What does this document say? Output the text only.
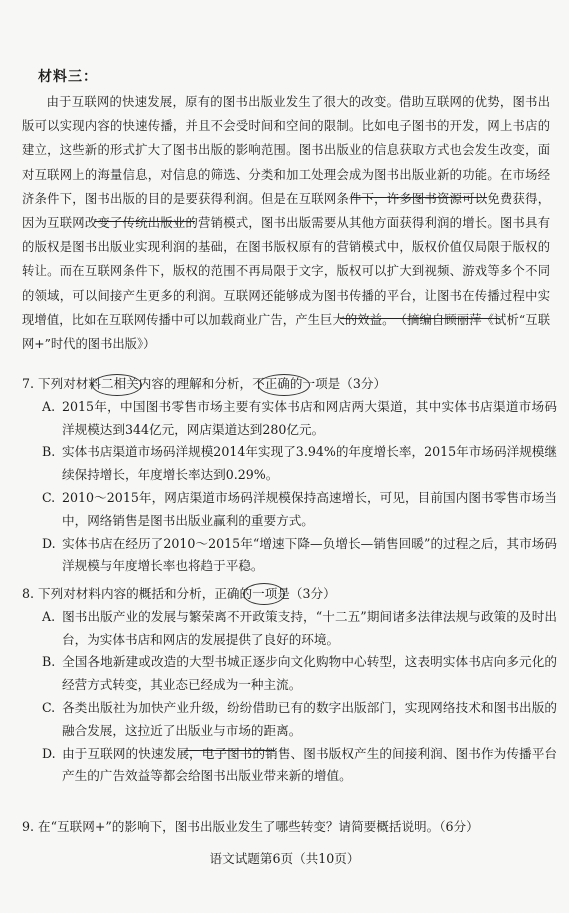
材料三：
由于互联网的快速发展，原有的图书出版业发生了很大的改变。借助互联网的优势，图书出版可以实现内容的快速传播，并且不会受时间和空间的限制。比如电子图书的开发，网上书店的建立，这些新的形式扩大了图书出版的影响范围。图书出版业的信息获取方式也会发生改变，面对互联网上的海量信息，对信息的筛选、分类和加工处理会成为图书出版业新的功能。在市场经济条件下，图书出版的目的是要获得利润。但是在互联网条件下，许多图书资源可以免费获得，因为互联网改变了传统出版业的营销模式，图书出版需要从其他方面获得利润的增长。图书具有的版权是图书出版业实现利润的基础，在图书版权原有的营销模式中，版权价值仅局限于版权的转让。而在互联网条件下，版权的范围不再局限于文字，版权可以扩大到视频、游戏等多个不同的领域，可以间接产生更多的利润。互联网还能够成为图书传播的平台，让图书在传播过程中实现增值，比如在互联网传播中可以加载商业广告，产生巨大的效益。　（摘编自顾丽萍《试析“互联网+”时代的图书出版》）
7. 下列对材料二相关内容的理解和分析，不正确的一项是（3分）
A. 2015年，中国图书零售市场主要有实体书店和网店两大渠道，其中实体书店渠道市场码洋规模达到344亿元，网店渠道达到280亿元。
B. 实体书店渠道市场码洋规模2014年实现了3.94%的年度增长率，2015年市场码洋规模继续保持增长，年度增长率达到0.29%。
C. 2010～2015年，网店渠道市场码洋规模保持高速增长，可见，目前国内图书零售市场当中，网络销售是图书出版业赢利的重要方式。
D. 实体书店在经历了2010～2015年“增速下降—负增长—销售回暖”的过程之后，其市场码洋规模与年度增长率也将趋于平稳。
8. 下列对材料内容的概括和分析，正确的一项是（3分）
A. 图书出版产业的发展与繁荣离不开政策支持，“十二五”期间诸多法律法规与政策的及时出台，为实体书店和网店的发展提供了良好的环境。
B. 全国各地新建或改造的大型书城正逐步向文化购物中心转型，这表明实体书店向多元化的经营方式转变，其业态已经成为一种主流。
C. 各类出版社为加快产业升级，纷纷借助已有的数字出版部门，实现网络技术和图书出版的融合发展，这拉近了出版业与市场的距离。
D. 由于互联网的快速发展，电子图书的销售、图书版权产生的间接利润、图书作为传播平台产生的广告效益等都会给图书出版业带来新的增值。
9. 在“互联网+”的影响下，图书出版业发生了哪些转变？请简要概括说明。（6分）
语文试题第6页（共10页）
